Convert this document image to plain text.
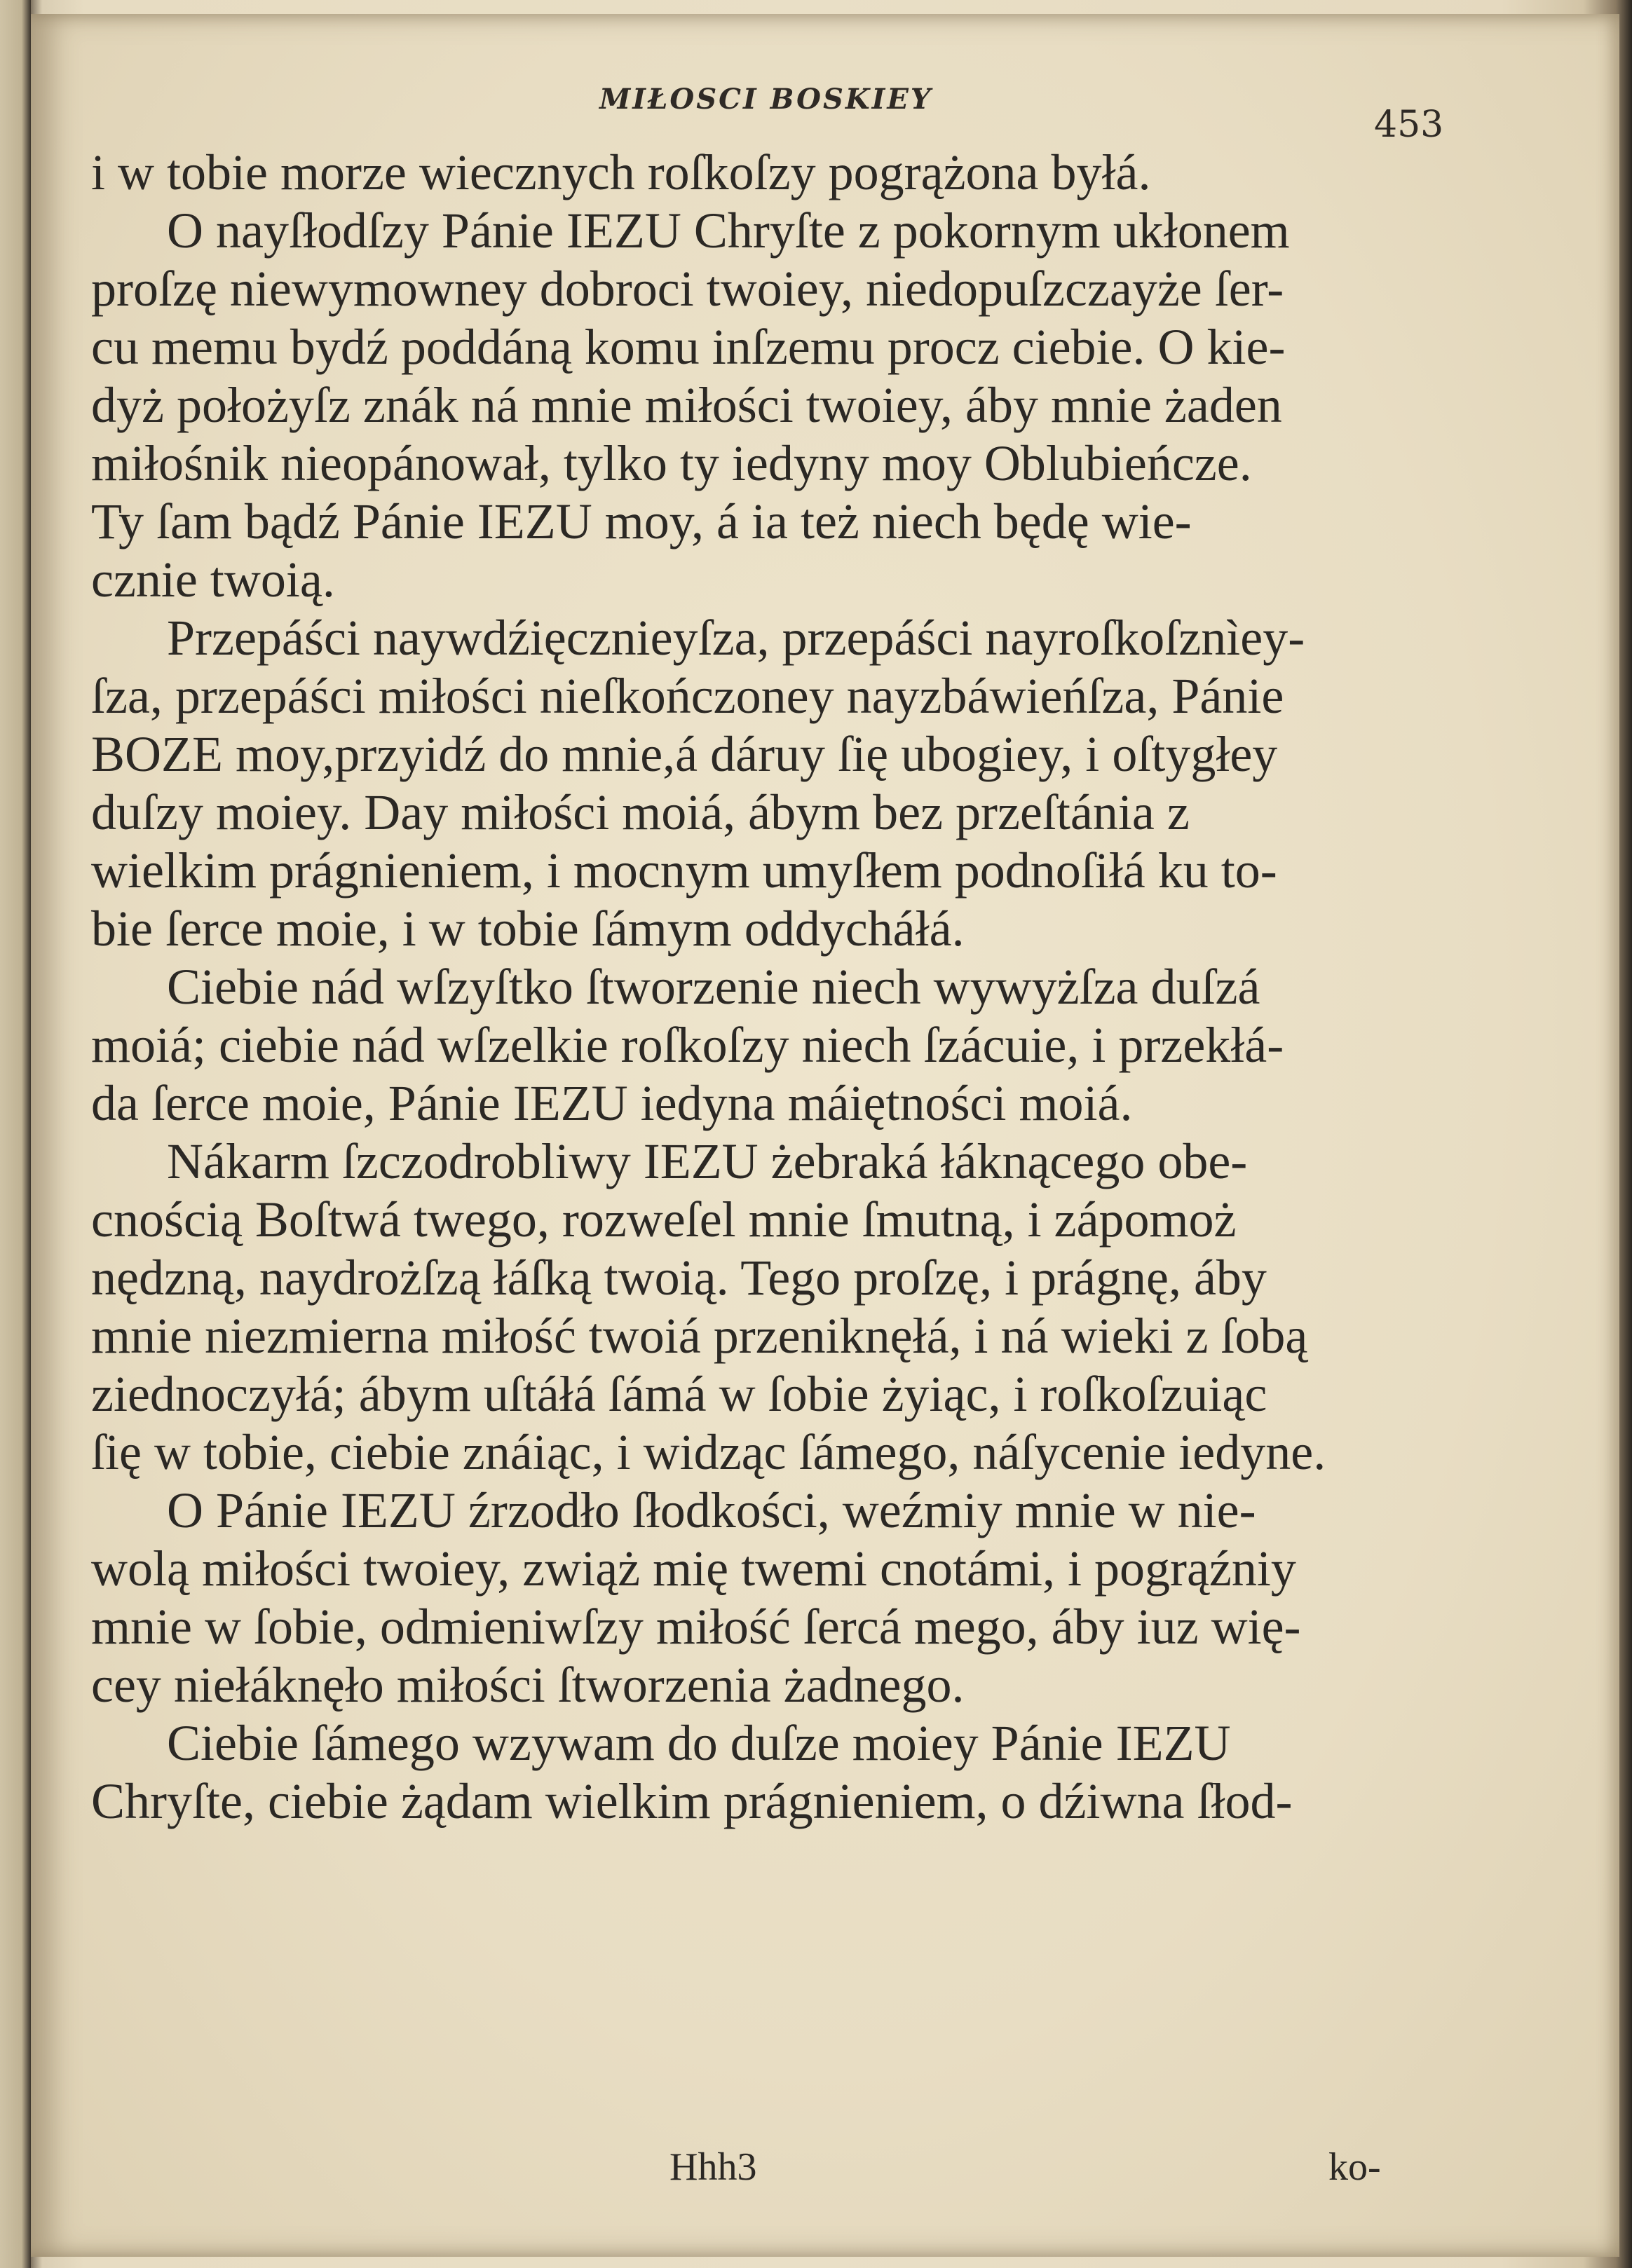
MIŁOSCI BOSKIEY
453
i w tobie morze wiecznych roſkoſzy pogrążona byłá.
O nayſłodſzy Pánie IEZU Chryſte z pokornym ukłonem
proſzę niewymowney dobroci twoiey, niedopuſzczayże ſer-
cu memu bydź poddáną komu inſzemu procz ciebie. O kie-
dyż położyſz znák ná mnie miłości twoiey, áby mnie żaden
miłośnik nieopánował, tylko ty iedyny moy Oblubieńcze.
Ty ſam bądź Pánie IEZU moy, á ia też niech będę wie-
cznie twoią.
Przepáści naywdźięcznieyſza, przepáści nayroſkoſznìey-
ſza, przepáści miłości nieſkończoney nayzbáwieńſza, Pánie
BOZE moy,przyidź do mnie,á dáruy ſię ubogiey, i oſtygłey
duſzy moiey. Day miłości moiá, ábym bez przeſtánia z
wielkim prágnieniem, i mocnym umyſłem podnoſiłá ku to-
bie ſerce moie, i w tobie ſámym oddycháłá.
Ciebie nád wſzyſtko ſtworzenie niech wywyżſza duſzá
moiá; ciebie nád wſzelkie roſkoſzy niech ſzácuie, i przekłá-
da ſerce moie, Pánie IEZU iedyna máiętności moiá.
Nákarm ſzczodrobliwy IEZU żebraká łáknącego obe-
cnością Boſtwá twego, rozweſel mnie ſmutną, i zápomoż
nędzną, naydrożſzą łáſką twoią. Tego proſzę, i prágnę, áby
mnie niezmierna miłość twoiá przeniknęłá, i ná wieki z ſobą
ziednoczyłá; ábym uſtáłá ſámá w ſobie żyiąc, i roſkoſzuiąc
ſię w tobie, ciebie znáiąc, i widząc ſámego, náſycenie iedyne.
O Pánie IEZU źrzodło ſłodkości, weźmiy mnie w nie-
wolą miłości twoiey, zwiąż mię twemi cnotámi, i pogrąźniy
mnie w ſobie, odmieniwſzy miłość ſercá mego, áby iuz wię-
cey niełáknęło miłości ſtworzenia żadnego.
Ciebie ſámego wzywam do duſze moiey Pánie IEZU
Chryſte, ciebie żądam wielkim prágnieniem, o dźiwna ſłod-
Hhh3	ko-
